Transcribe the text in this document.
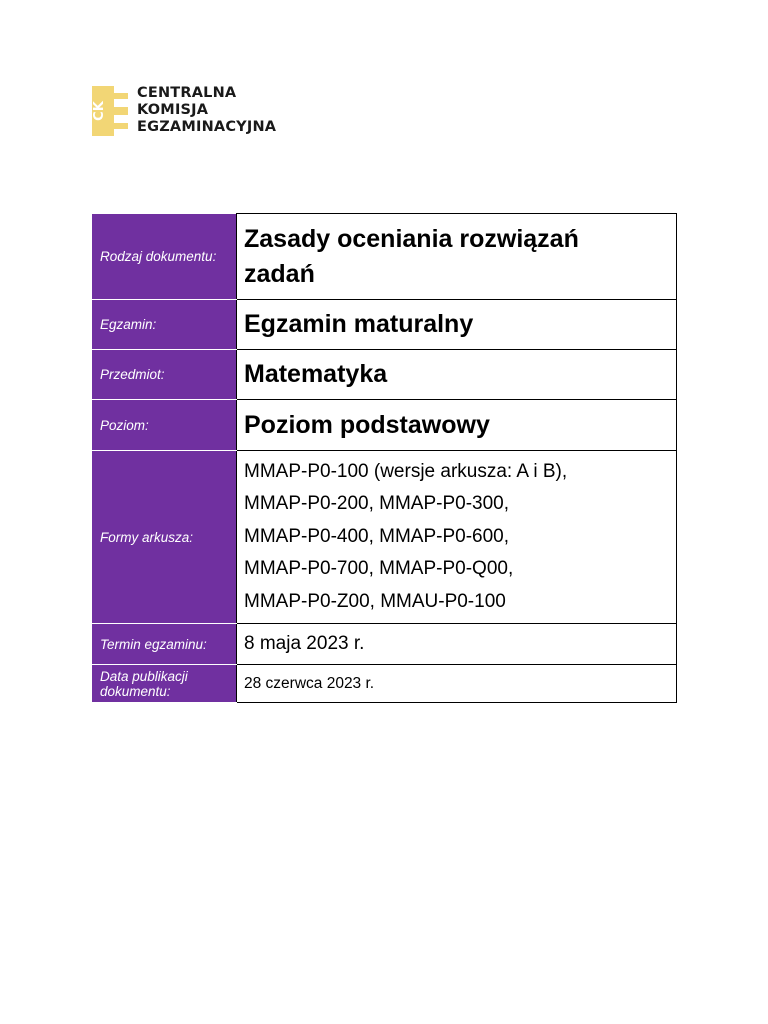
CK
CENTRALNA
KOMISJA
EGZAMINACYJNA
Rodzaj dokumentu:	Zasady oceniania rozwiązań
zadań

Egzamin:	Egzamin maturalny

Przedmiot:	Matematyka

Poziom:	Poziom podstawowy

Formy arkusza:	MMAP-P0-100 (wersje arkusza: A i B),
MMAP-P0-200, MMAP-P0-300,
MMAP-P0-400, MMAP-P0-600,
MMAP-P0-700, MMAP-P0-Q00,
MMAP-P0-Z00, MMAU-P0-100

Termin egzaminu:	8 maja 2023 r.

Data publikacji
dokumentu:	28 czerwca 2023 r.
